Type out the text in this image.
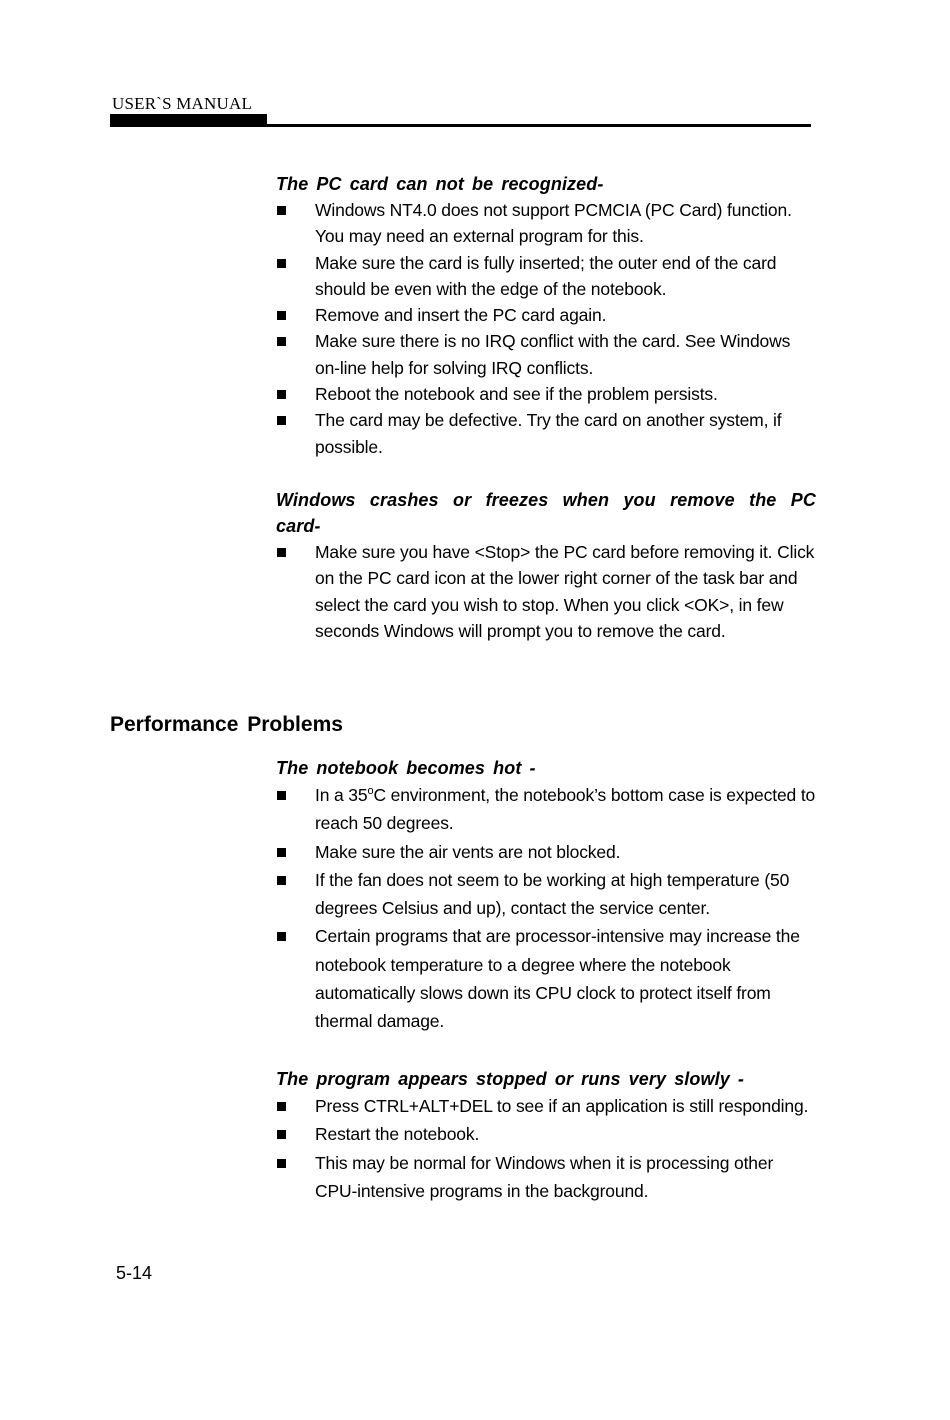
USER`S MANUAL
The PC card can not be recognized-
Windows NT4.0 does not support PCMCIA (PC Card) function. You may need an external program for this.
Make sure the card is fully inserted; the outer end of the card should be even with the edge of the notebook.
Remove and insert the PC card again.
Make sure there is no IRQ conflict with the card. See Windows on-line help for solving IRQ conflicts.
Reboot the notebook and see if the problem persists.
The card may be defective. Try the card on another system, if possible.
Windows crashes or freezes when you remove the PC card-
Make sure you have <Stop> the PC card before removing it. Click on the PC card icon at the lower right corner of the task bar and select the card you wish to stop. When you click <OK>, in few seconds Windows will prompt you to remove the card.
Performance Problems
The notebook becomes hot -
In a 35$^o$C environment, the notebook’s bottom case is expected to reach 50 degrees.
Make sure the air vents are not blocked.
If the fan does not seem to be working at high temperature (50 degrees Celsius and up), contact the service center.
Certain programs that are processor-intensive may increase the notebook temperature to a degree where the notebook automatically slows down its CPU clock to protect itself from thermal damage.
The program appears stopped or runs very slowly -
Press CTRL+ALT+DEL to see if an application is still responding.
Restart the notebook.
This may be normal for Windows when it is processing other CPU-intensive programs in the background.
5-14
